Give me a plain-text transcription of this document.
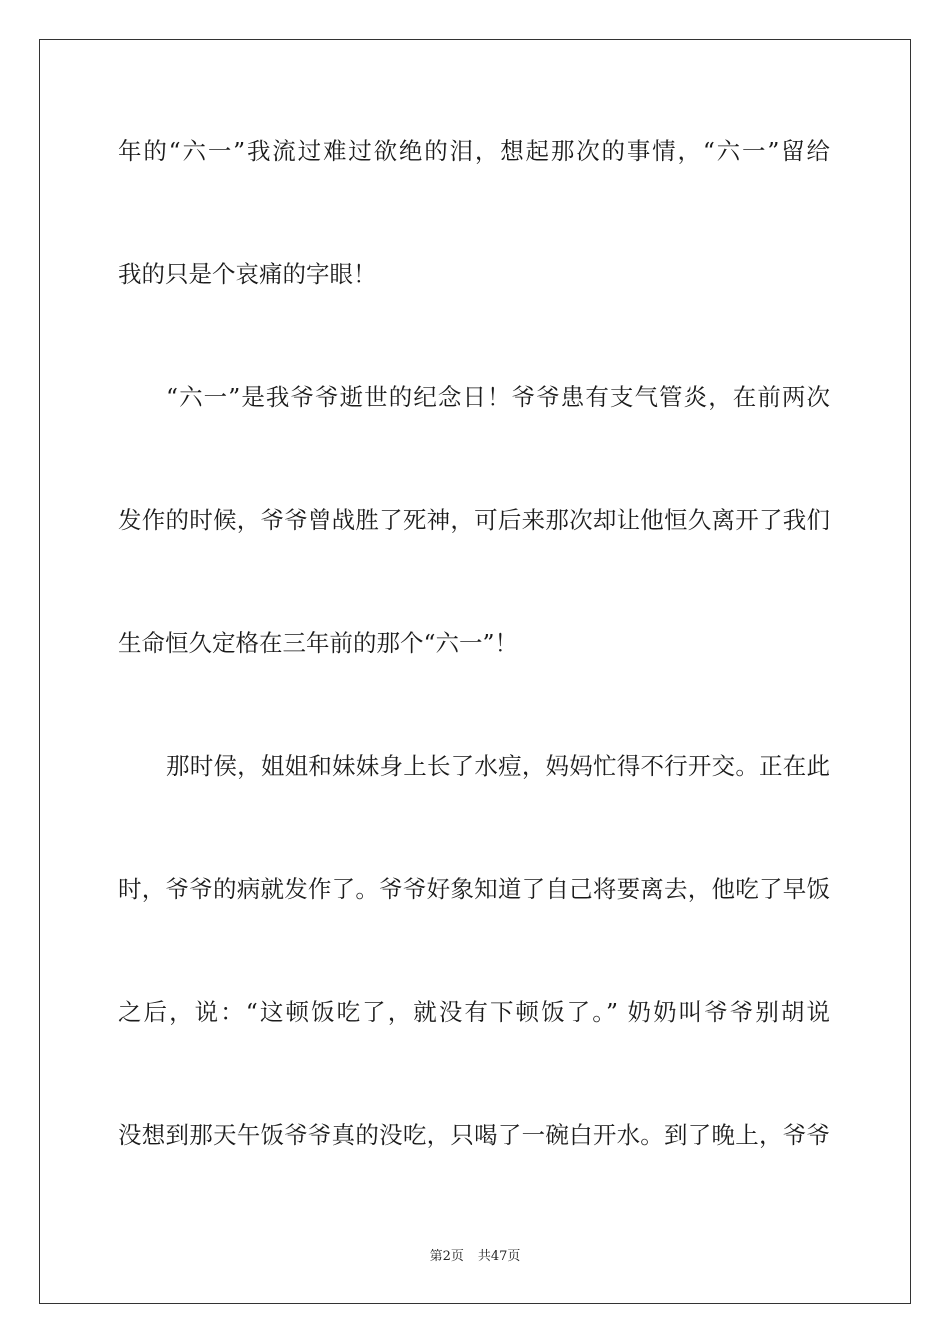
年的“六一”我流过难过欲绝的泪，想起那次的事情，“六一”留给
我的只是个哀痛的字眼！
“六一”是我爷爷逝世的纪念日！爷爷患有支气管炎，在前两次
发作的时候，爷爷曾战胜了死神，可后来那次却让他恒久离开了我们
生命恒久定格在三年前的那个“六一”！
那时侯，姐姐和妹妹身上长了水痘，妈妈忙得不行开交。正在此
时，爷爷的病就发作了。爷爷好象知道了自己将要离去，他吃了早饭
之后，说：“这顿饭吃了，就没有下顿饭了。” 奶奶叫爷爷别胡说
没想到那天午饭爷爷真的没吃，只喝了一碗白开水。到了晚上，爷爷
第2页 共47页
